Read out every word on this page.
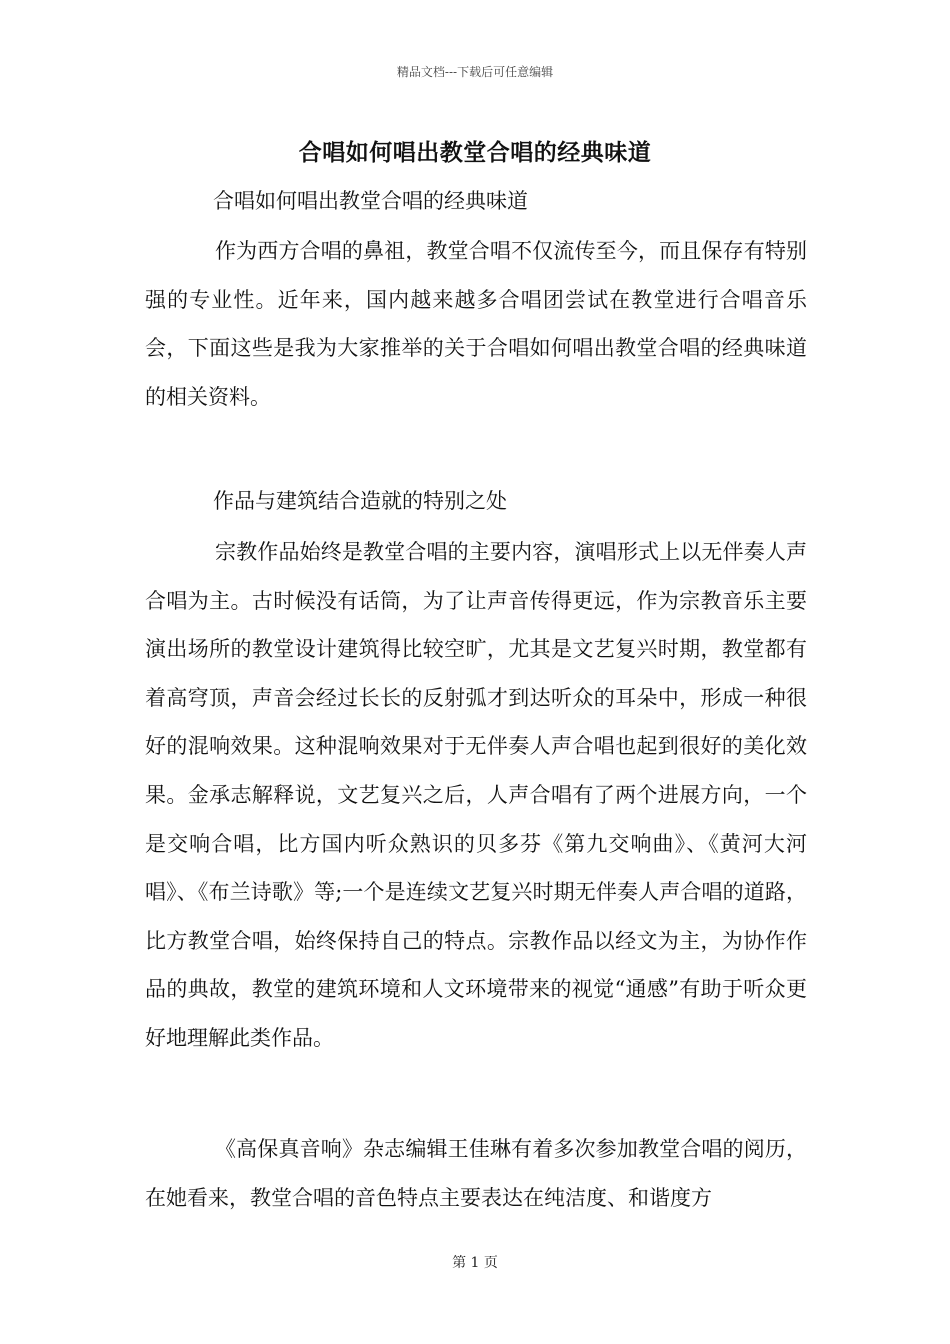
精品文档---下载后可任意编辑
合唱如何唱出教堂合唱的经典味道
合唱如何唱出教堂合唱的经典味道

作为西方合唱的鼻祖，教堂合唱不仅流传至今，而且保存有特别强的专业性。近年来，国内越来越多合唱团尝试在教堂进行合唱音乐会，下面这些是我为大家推举的关于合唱如何唱出教堂合唱的经典味道的相关资料。

作品与建筑结合造就的特别之处

宗教作品始终是教堂合唱的主要内容，演唱形式上以无伴奏人声合唱为主。古时候没有话筒，为了让声音传得更远，作为宗教音乐主要演出场所的教堂设计建筑得比较空旷，尤其是文艺复兴时期，教堂都有着高穹顶，声音会经过长长的反射弧才到达听众的耳朵中，形成一种很好的混响效果。这种混响效果对于无伴奏人声合唱也起到很好的美化效果。金承志解释说，文艺复兴之后，人声合唱有了两个进展方向，一个是交响合唱，比方国内听众熟识的贝多芬《第九交响曲》、《黄河大河唱》、《布兰诗歌》等;一个是连续文艺复兴时期无伴奏人声合唱的道路，比方教堂合唱，始终保持自己的特点。宗教作品以经文为主，为协作作品的典故，教堂的建筑环境和人文环境带来的视觉“通感”有助于听众更好地理解此类作品。

《高保真音响》杂志编辑王佳琳有着多次参加教堂合唱的阅历，在她看来，教堂合唱的音色特点主要表达在纯洁度、和谐度方

第 1 页
